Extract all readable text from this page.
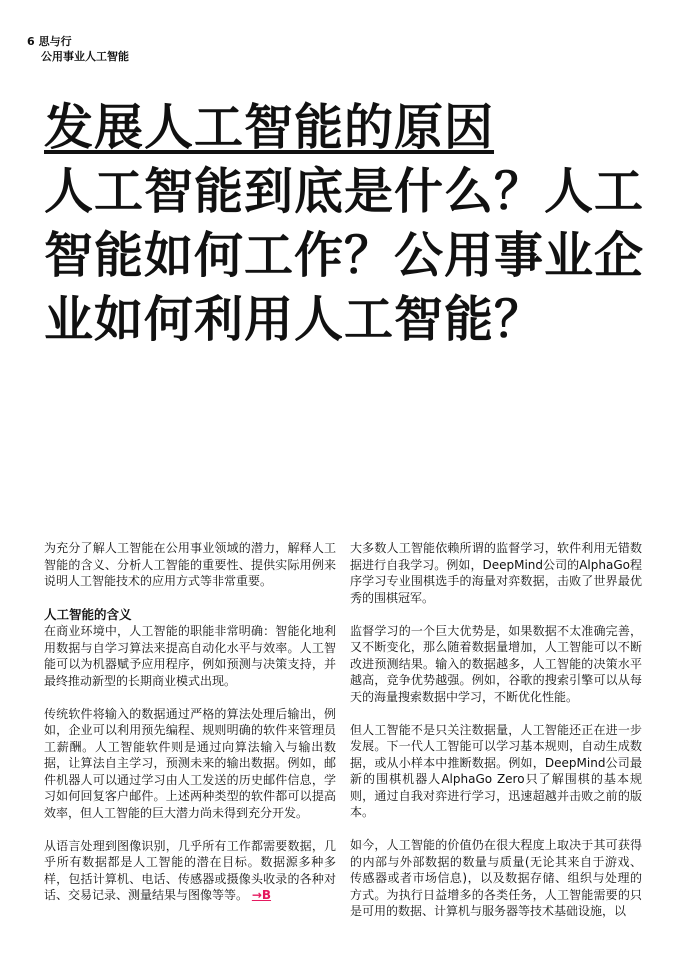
6 思与行
公用事业人工智能
发展人工智能的原因
人工智能到底是什么？人工智能如何工作？公用事业企业如何利用人工智能？

为充分了解人工智能在公用事业领域的潜力，解释人工智能的含义、分析人工智能的重要性、提供实际用例来说明人工智能技术的应用方式等非常重要。

人工智能的含义

在商业环境中，人工智能的职能非常明确：智能化地利用数据与自学习算法来提高自动化水平与效率。人工智能可以为机器赋予应用程序，例如预测与决策支持，并最终推动新型的长期商业模式出现。

传统软件将输入的数据通过严格的算法处理后输出，例如，企业可以利用预先编程、规则明确的软件来管理员工薪酬。人工智能软件则是通过向算法输入与输出数据，让算法自主学习，预测未来的输出数据。例如，邮件机器人可以通过学习由人工发送的历史邮件信息，学习如何回复客户邮件。上述两种类型的软件都可以提高效率，但人工智能的巨大潜力尚未得到充分开发。

从语言处理到图像识别，几乎所有工作都需要数据，几乎所有数据都是人工智能的潜在目标。数据源多种多样，包括计算机、电话、传感器或摄像头收录的各种对话、交易记录、测量结果与图像等等。 →B

大多数人工智能依赖所谓的监督学习，软件利用无错数据进行自我学习。例如，DeepMind公司的AlphaGo程序学习专业围棋选手的海量对弈数据，击败了世界最优秀的围棋冠军。

监督学习的一个巨大优势是，如果数据不太准确完善，又不断变化，那么随着数据量增加，人工智能可以不断改进预测结果。输入的数据越多，人工智能的决策水平越高，竞争优势越强。例如，谷歌的搜索引擎可以从每天的海量搜索数据中学习，不断优化性能。

但人工智能不是只关注数据量，人工智能还正在进一步发展。下一代人工智能可以学习基本规则，自动生成数据，或从小样本中推断数据。例如，DeepMind公司最新的围棋机器人AlphaGo Zero只了解围棋的基本规则，通过自我对弈进行学习，迅速超越并击败之前的版本。

如今，人工智能的价值仍在很大程度上取决于其可获得的内部与外部数据的数量与质量(无论其来自于游戏、传感器或者市场信息)，以及数据存储、组织与处理的方式。为执行日益增多的各类任务，人工智能需要的只是可用的数据、计算机与服务器等技术基础设施，以
